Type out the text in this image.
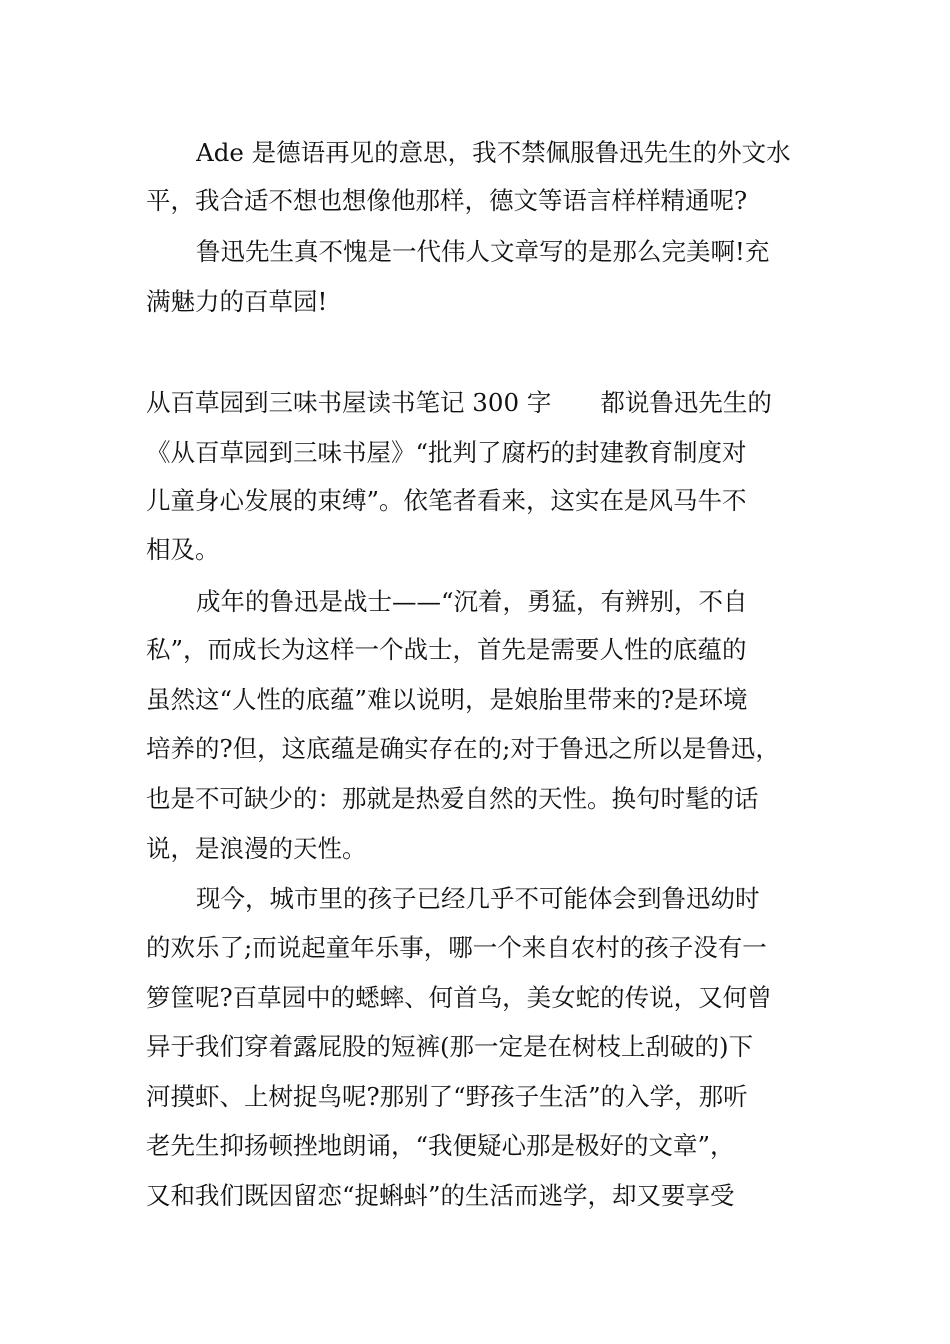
Ade 是德语再见的意思，我不禁佩服鲁迅先生的外文水
平，我合适不想也想像他那样，德文等语言样样精通呢?
鲁迅先生真不愧是一代伟人文章写的是那么完美啊!充
满魅力的百草园!
从百草园到三味书屋读书笔记 300 字　　都说鲁迅先生的
《从百草园到三味书屋》“批判了腐朽的封建教育制度对
儿童身心发展的束缚”。依笔者看来，这实在是风马牛不
相及。
成年的鲁迅是战士——“沉着，勇猛，有辨别，不自
私”，而成长为这样一个战士，首先是需要人性的底蕴的
虽然这“人性的底蕴”难以说明，是娘胎里带来的?是环境
培养的?但，这底蕴是确实存在的;对于鲁迅之所以是鲁迅，
也是不可缺少的：那就是热爱自然的天性。换句时髦的话
说，是浪漫的天性。
现今，城市里的孩子已经几乎不可能体会到鲁迅幼时
的欢乐了;而说起童年乐事，哪一个来自农村的孩子没有一
箩筐呢?百草园中的蟋蟀、何首乌，美女蛇的传说，又何曾
异于我们穿着露屁股的短裤(那一定是在树枝上刮破的)下
河摸虾、上树捉鸟呢?那别了“野孩子生活”的入学，那听
老先生抑扬顿挫地朗诵，“我便疑心那是极好的文章”，
又和我们既因留恋“捉蝌蚪”的生活而逃学，却又要享受
